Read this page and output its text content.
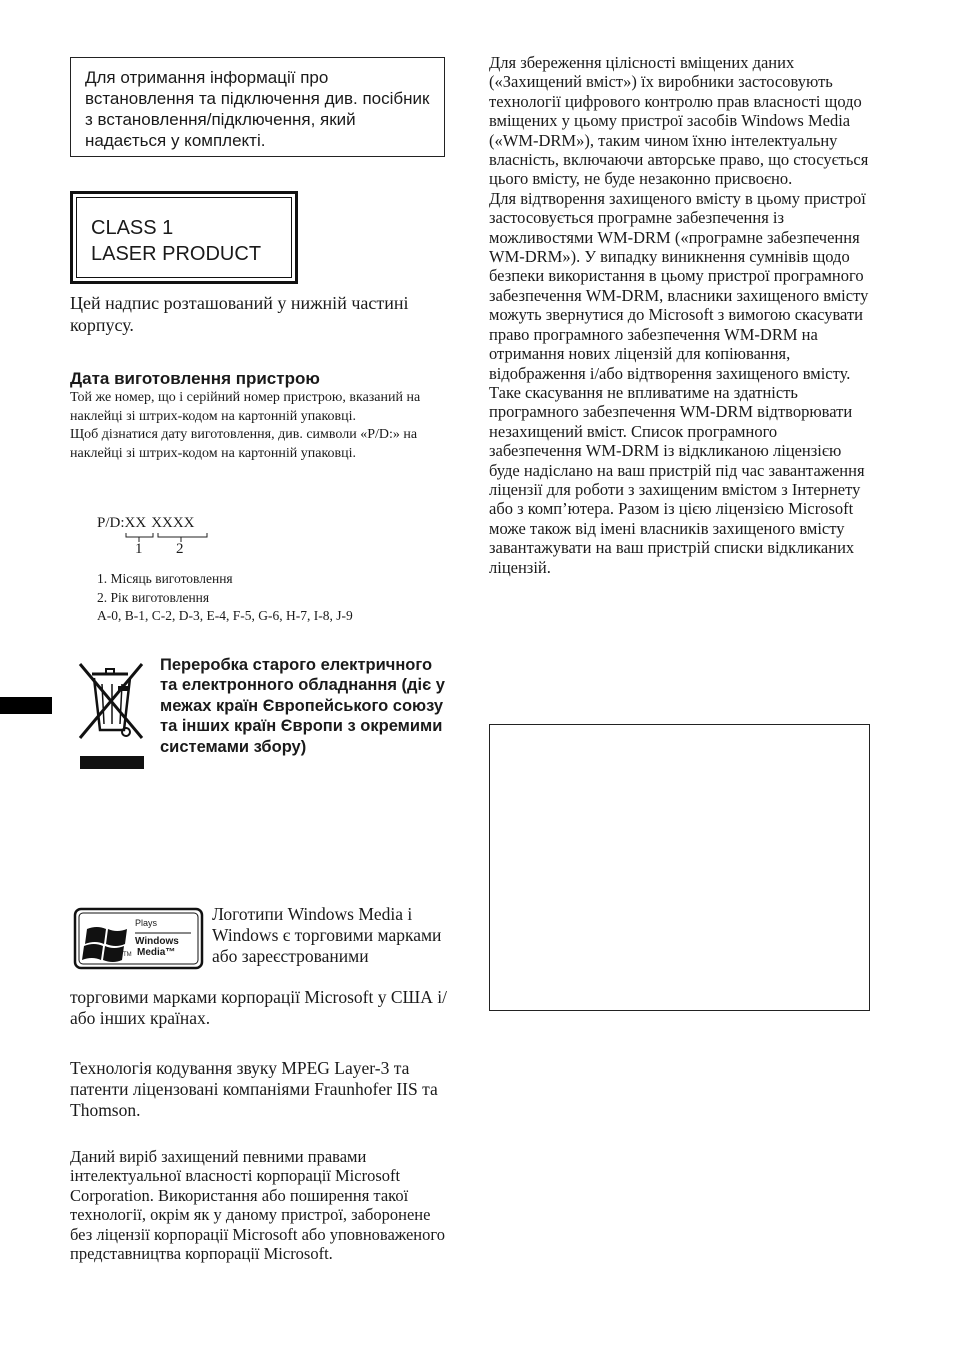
Для отримання інформації про встановлення та підключення див. посібник з встановлення/підключення, який надається у комплекті.
CLASS 1
LASER PRODUCT
Цей надпис розташований у нижній частині корпусу.
Дата виготовлення пристрою

Той же номер, що і серійний номер пристрою, вказаний на наклейці зі штрих-кодом на картонній упаковці.

Щоб дізнатися дату виготовлення, див. символи «P/D:» на наклейці зі штрих-кодом на картонній упаковці.

P/D:XX XXXX
1 2
1. Місяць виготовлення
2. Рік виготовлення
A-0, B-1, C-2, D-3, E-4, F-5, G-6, H-7, I-8, J-9
Переробка старого електричного та електронного обладнання (діє у межах країн Європейського союзу та інших країн Європи з окремими системами збору)
Plays
Windows
Media™
TM
Логотипи Windows Media і Windows є торговими марками або зареєстрованими
торговими марками корпорації Microsoft у США і/або інших країнах.
Технологія кодування звуку MPEG Layer-3 та патенти ліцензовані компаніями Fraunhofer IIS та Thomson.
Даний виріб захищений певними правами інтелектуальної власності корпорації Microsoft Corporation. Використання або поширення такої технології, окрім як у даному пристрої, заборонене без ліцензії корпорації Microsoft або уповноваженого представництва корпорації Microsoft.

Для збереження цілісності вміщених даних («Захищений вміст») їх виробники застосовують технології цифрового контролю прав власності щодо вміщених у цьому пристрої засобів Windows Media («WM-DRM»), таким чином їхню інтелектуальну власність, включаючи авторське право, що стосується цього вмісту, не буде незаконно присвоєно.

Для відтворення захищеного вмісту в цьому пристрої застосовується програмне забезпечення із можливостями WM-DRM («програмне забезпечення WM-DRM»). У випадку виникнення сумнівів щодо безпеки використання в цьому пристрої програмного забезпечення WM-DRM, власники захищеного вмісту можуть звернутися до Microsoft з вимогою скасувати право програмного забезпечення WM-DRM на отримання нових ліцензій для копіювання, відображення і/або відтворення захищеного вмісту. Таке скасування не впливатиме на здатність програмного забезпечення WM-DRM відтворювати незахищений вміст. Список програмного забезпечення WM-DRM із відкликаною ліцензією буде надіслано на ваш пристрій під час завантаження ліцензії для роботи з захищеним вмістом з Інтернету або з комп’ютера. Разом із цією ліцензією Microsoft може також від імені власників захищеного вмісту завантажувати на ваш пристрій списки відкликаних ліцензій.
